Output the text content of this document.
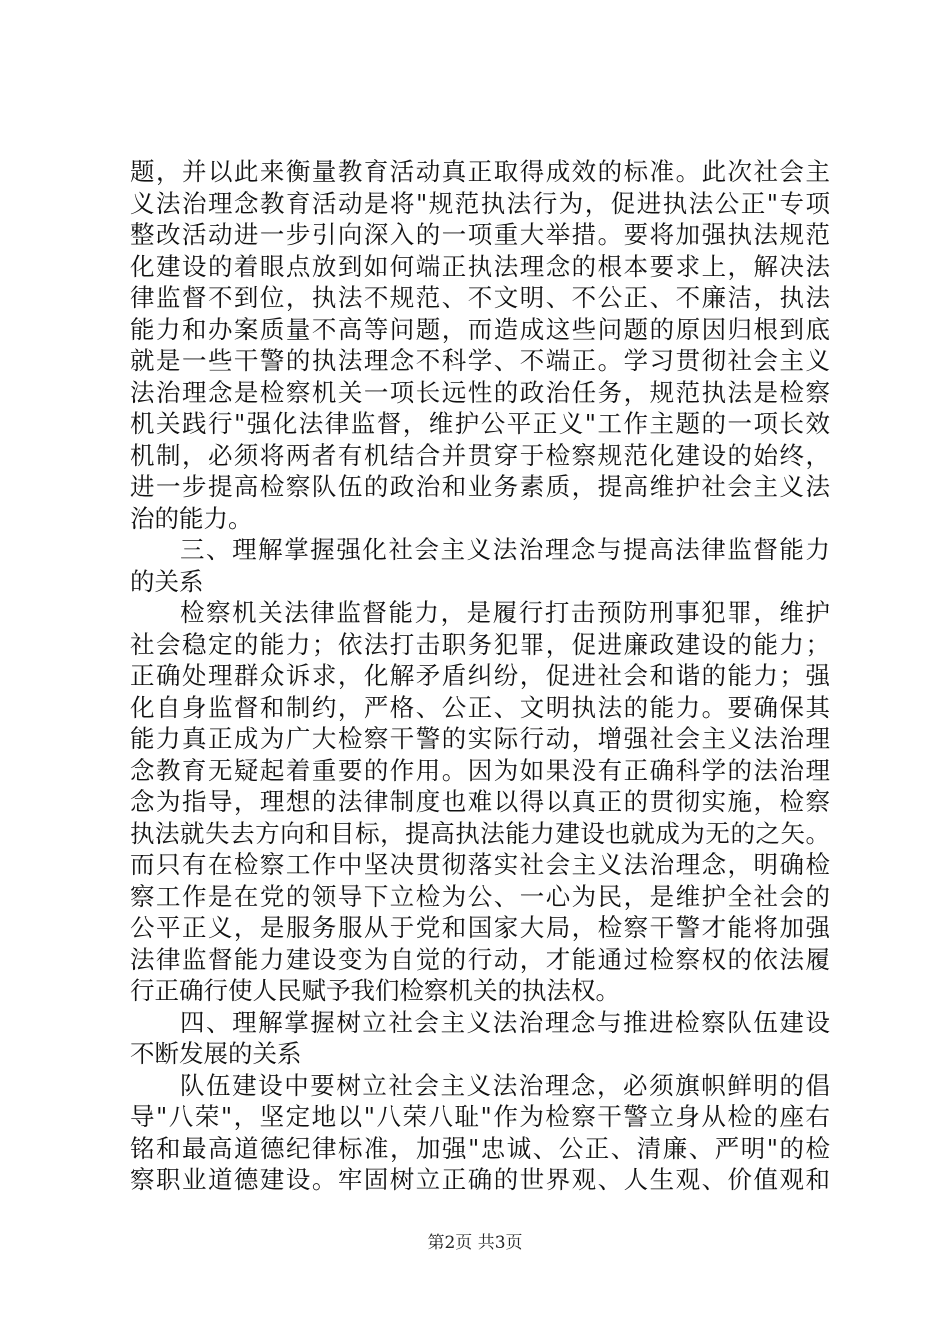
题，并以此来衡量教育活动真正取得成效的标准。此次社会主
义法治理念教育活动是将"规范执法行为，促进执法公正"专项
整改活动进一步引向深入的一项重大举措。要将加强执法规范
化建设的着眼点放到如何端正执法理念的根本要求上，解决法
律监督不到位，执法不规范、不文明、不公正、不廉洁，执法
能力和办案质量不高等问题，而造成这些问题的原因归根到底
就是一些干警的执法理念不科学、不端正。学习贯彻社会主义
法治理念是检察机关一项长远性的政治任务，规范执法是检察
机关践行"强化法律监督，维护公平正义"工作主题的一项长效
机制，必须将两者有机结合并贯穿于检察规范化建设的始终，
进一步提高检察队伍的政治和业务素质，提高维护社会主义法
治的能力。
三、理解掌握强化社会主义法治理念与提高法律监督能力
的关系
检察机关法律监督能力，是履行打击预防刑事犯罪，维护
社会稳定的能力；依法打击职务犯罪，促进廉政建设的能力；
正确处理群众诉求，化解矛盾纠纷，促进社会和谐的能力；强
化自身监督和制约，严格、公正、文明执法的能力。要确保其
能力真正成为广大检察干警的实际行动，增强社会主义法治理
念教育无疑起着重要的作用。因为如果没有正确科学的法治理
念为指导，理想的法律制度也难以得以真正的贯彻实施，检察
执法就失去方向和目标，提高执法能力建设也就成为无的之矢。
而只有在检察工作中坚决贯彻落实社会主义法治理念，明确检
察工作是在党的领导下立检为公、一心为民，是维护全社会的
公平正义，是服务服从于党和国家大局，检察干警才能将加强
法律监督能力建设变为自觉的行动，才能通过检察权的依法履
行正确行使人民赋予我们检察机关的执法权。
四、理解掌握树立社会主义法治理念与推进检察队伍建设
不断发展的关系
队伍建设中要树立社会主义法治理念，必须旗帜鲜明的倡
导"八荣"，坚定地以"八荣八耻"作为检察干警立身从检的座右
铭和最高道德纪律标准，加强"忠诚、公正、清廉、严明"的检
察职业道德建设。牢固树立正确的世界观、人生观、价值观和
第2页 共3页
